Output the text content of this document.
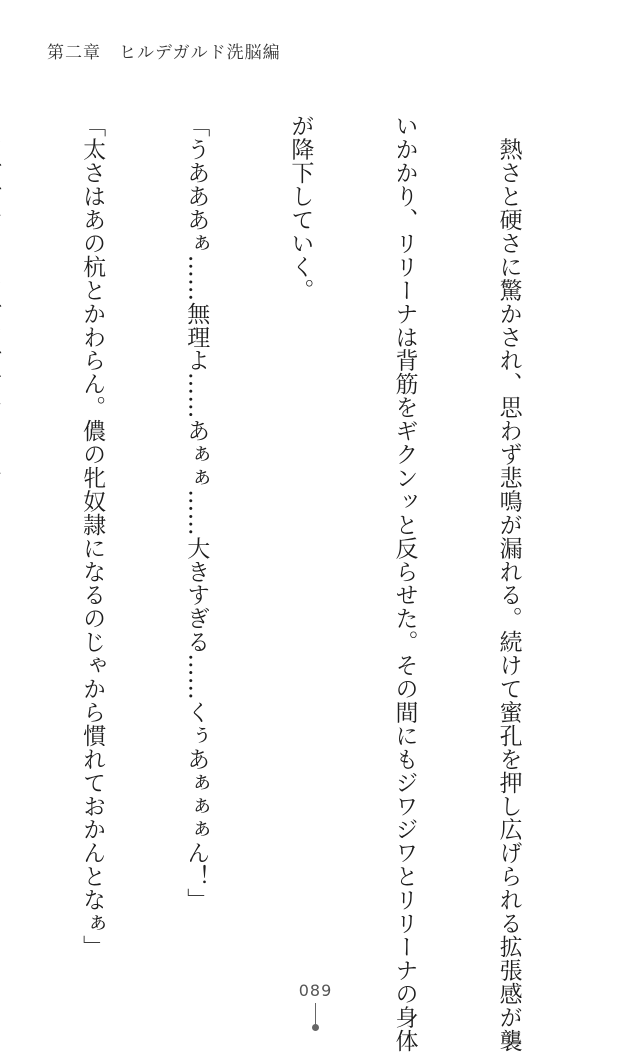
第二章　ヒルデガルド洗脳編

　熱さと硬さに驚かされ、思わず悲鳴が漏れる。続けて蜜孔を押し広げられる拡張感が襲

いかかり、リリーナは背筋をギクンッと反らせた。その間にもジワジワとリリーナの身体

が降下していく。

「うあああぁ……無理よ……あぁぁ……大きすぎる……くぅあぁぁぁん！」

「太さはあの杭とかわらん。儂の牝奴隷になるのじゃから慣れておかんとなぁ」

089
